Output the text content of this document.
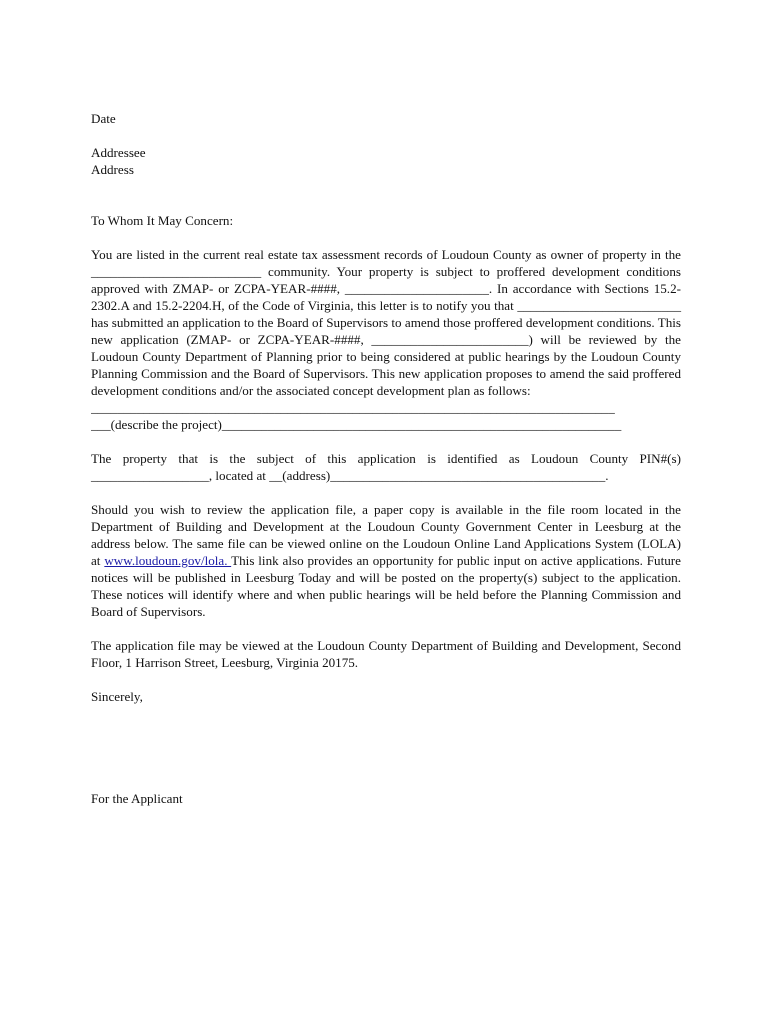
Date
Addressee
Address
To Whom It May Concern:

You are listed in the current real estate tax assessment records of Loudoun County as owner of property in the __________________________ community. Your property is subject to proffered development conditions approved with ZMAP- or ZCPA-YEAR-####, ______________________. In accordance with Sections 15.2-2302.A and 15.2-2204.H, of the Code of Virginia, this letter is to notify you that _________________________ has submitted an application to the Board of Supervisors to amend those proffered development conditions. This new application (ZMAP- or ZCPA-YEAR-####, ________________________) will be reviewed by the Loudoun County Department of Planning prior to being considered at public hearings by the Loudoun County Planning Commission and the Board of Supervisors. This new application proposes to amend the said proffered development conditions and/or the associated concept development plan as follows:

________________________________________________________________________________
___(describe the project)_____________________________________________________________

The property that is the subject of this application is identified as Loudoun County PIN#(s) __________________, located at __(address)__________________________________________.

Should you wish to review the application file, a paper copy is available in the file room located in the Department of Building and Development at the Loudoun County Government Center in Leesburg at the address below. The same file can be viewed online on the Loudoun Online Land Applications System (LOLA) at www.loudoun.gov/lola. This link also provides an opportunity for public input on active applications. Future notices will be published in Leesburg Today and will be posted on the property(s) subject to the application. These notices will identify where and when public hearings will be held before the Planning Commission and Board of Supervisors.

The application file may be viewed at the Loudoun County Department of Building and Development, Second Floor, 1 Harrison Street, Leesburg, Virginia 20175.

Sincerely,
For the Applicant
